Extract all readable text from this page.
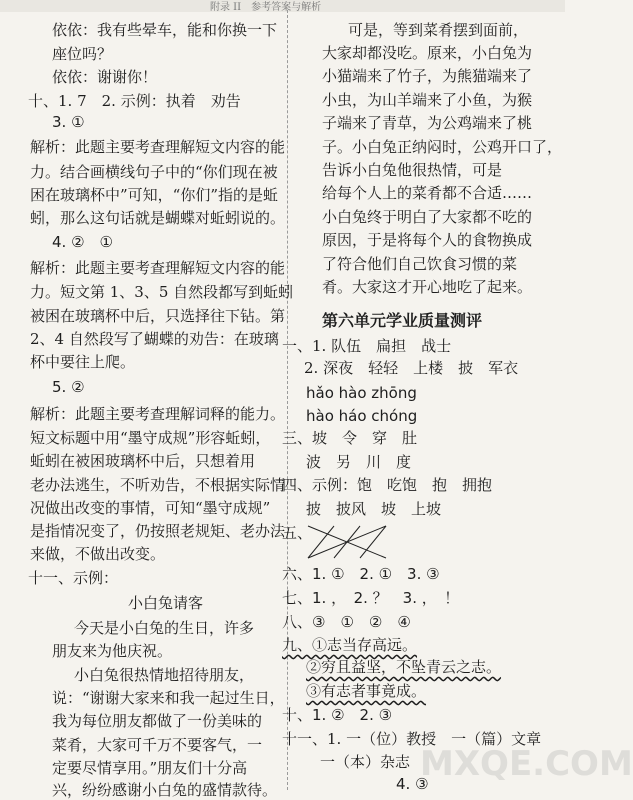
附录 II　参考答案与解析
依依：我有些晕车，能和你换一下
座位吗？
依依：谢谢你！
十、1. 7　2. 示例：执着　劝告
3. ①
解析：此题主要考查理解短文内容的能
力。结合画横线句子中的“你们现在被
困在玻璃杯中”可知，“你们”指的是蚯
蚓，那么这句话就是蝴蝶对蚯蚓说的。
4. ②　①
解析：此题主要考查理解短文内容的能
力。短文第 1、3、5 自然段都写到蚯蚓
被困在玻璃杯中后，只选择往下钻。第
2、4 自然段写了蝴蝶的劝告：在玻璃
杯中要往上爬。
5. ②
解析：此题主要考查理解词释的能力。
短文标题中用“墨守成规”形容蚯蚓，
蚯蚓在被困玻璃杯中后，只想着用
老办法逃生，不听劝告，不根据实际情
况做出改变的事情，可知“墨守成规”
是指情况变了，仍按照老规矩、老办法
来做，不做出改变。
十一、示例：
小白兔请客
今天是小白兔的生日，许多
朋友来为他庆祝。
小白兔很热情地招待朋友，
说：“谢谢大家来和我一起过生日，
我为每位朋友都做了一份美味的
菜肴，大家可千万不要客气，一
定要尽情享用。”朋友们十分高
兴，纷纷感谢小白兔的盛情款待。
可是，等到菜肴摆到面前，
大家却都没吃。原来，小白兔为
小猫端来了竹子，为熊猫端来了
小虫，为山羊端来了小鱼，为猴
子端来了青草，为公鸡端来了桃
子。小白兔正纳闷时，公鸡开口了，
告诉小白兔他很热情，可是
给每个人上的菜肴都不合适……
小白兔终于明白了大家都不吃的
原因，于是将每个人的食物换成
了符合他们自己饮食习惯的菜
肴。大家这才开心地吃了起来。
第六单元学业质量测评
一、1. 队伍　扁担　战士
2. 深夜　轻轻　上楼　披　军衣
hǎo hào zhōng
hào háo chóng
三、坡　令　穿　肚
波　另　川　度
四、示例：饱　吃饱　抱　拥抱
披　披风　坡　上坡
五、
六、1. ①　2. ①　3. ③
七、1. ，　2. ？　3. ，　！
八、③　①　②　④
九、①志当存高远。
②穷且益坚，不坠青云之志。
③有志者事竟成。
十、1. ②　2. ③
十一、1. 一（位）教授　一（篇）文章
一（本）杂志
4. ③
MXQE.COM
